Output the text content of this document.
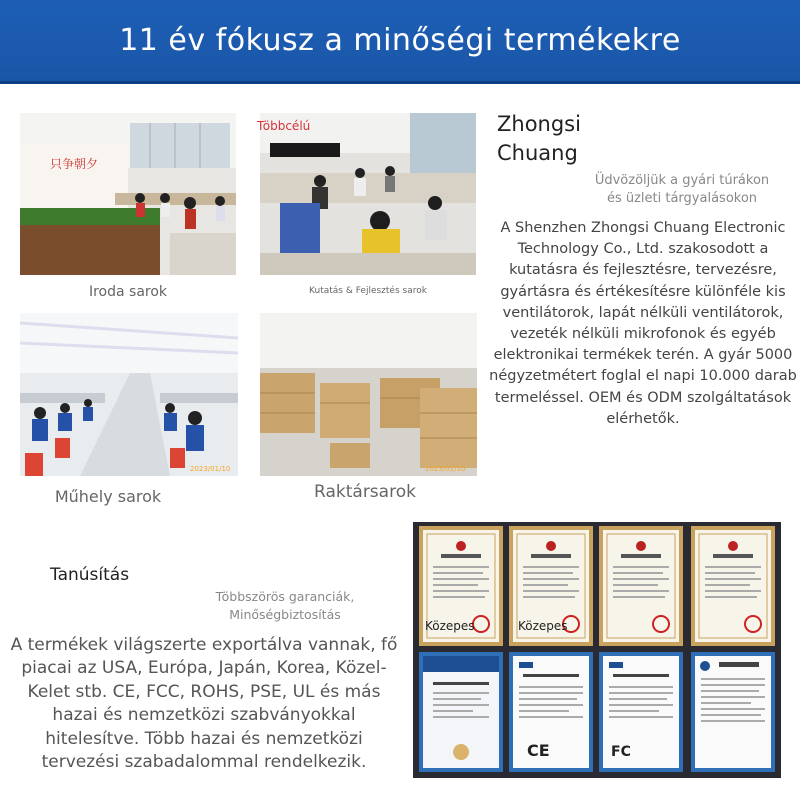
11 év fókusz a minőségi termékekre
只争朝夕
Iroda sarok
Többcélú
Kutatás & Fejlesztés sarok
2023/01/10
Műhely sarok
2023/01/10
Raktársarok
Zhongsi
Chuang
Üdvözöljük a gyári túrákon
és üzleti tárgyalásokon
A Shenzhen Zhongsi Chuang Electronic Technology Co., Ltd. szakosodott a kutatásra és fejlesztésre, tervezésre, gyártásra és értékesítésre különféle kis ventilátorok, lapát nélküli ventilátorok, vezeték nélküli mikrofonok és egyéb elektronikai termékek terén. A gyár 5000 négyzetmétert foglal el napi 10.000 darab termeléssel. OEM és ODM szolgáltatások elérhetők.
Tanúsítás
Többszörös garanciák,
Minőségbiztosítás
A termékek világszerte exportálva vannak, fő piacai az USA, Európa, Japán, Korea, Közel-Kelet stb. CE, FCC, ROHS, PSE, UL és más hazai és nemzetközi szabványokkal hitelesítve. Több hazai és nemzetközi tervezési szabadalommal rendelkezik.
CE	FC
Közepes	Közepes
